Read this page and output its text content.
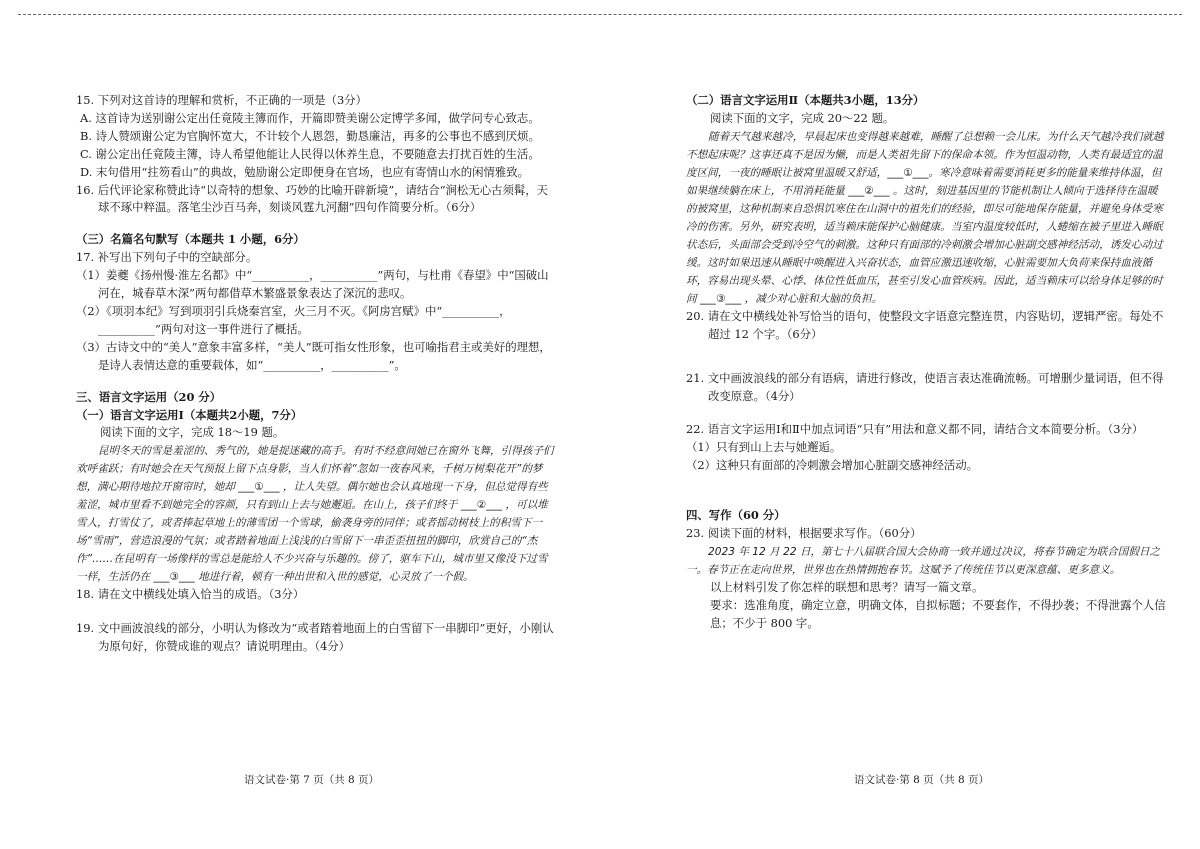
15. 下列对这首诗的理解和赏析，不正确的一项是（3分）

A. 这首诗为送别谢公定出任竟陵主簿而作，开篇即赞美谢公定博学多闻，做学问专心致志。

B. 诗人赞颂谢公定为官胸怀宽大，不计较个人恩怨，勤恳廉洁，再多的公事也不感到厌烦。

C. 谢公定出任竟陵主簿，诗人希望他能让人民得以休养生息，不要随意去打扰百姓的生活。

D. 末句借用“拄笏看山”的典故，勉励谢公定即便身在官场，也应有寄情山水的闲情雅致。

16. 后代评论家称赞此诗“以奇特的想象、巧妙的比喻开辟新境”，请结合“涧松无心古须髯，天球不琢中粹温。落笔尘沙百马奔，刻谈风霆九河翻”四句作简要分析。（6分）

（三）名篇名句默写（本题共 1 小题，6分）

17. 补写出下列句子中的空缺部分。

（1）姜夔《扬州慢·淮左名都》中“__________，__________”两句，与杜甫《春望》中“国破山河在，城春草木深”两句都借草木繁盛景象表达了深沉的悲叹。

（2）《项羽本纪》写到项羽引兵烧秦宫室，火三月不灭。《阿房宫赋》中“__________，__________”两句对这一事件进行了概括。

（3）古诗文中的“美人”意象丰富多样，“美人”既可指女性形象，也可喻指君主或美好的理想，是诗人表情达意的重要载体，如“__________，__________”。

三、语言文字运用（20 分）

（一）语言文字运用Ⅰ（本题共2小题，7分）

阅读下面的文字，完成 18～19 题。

昆明冬天的雪是羞涩的、秀气的，她是捉迷藏的高手。有时不经意间她已在窗外飞舞，引得孩子们欢呼雀跃；有时她会在天气预报上留下点身影，当人们怀着“忽如一夜春风来，千树万树梨花开”的梦想，满心期待地拉开窗帘时，她却 ___①___ ，让人失望。偶尔她也会认真地现一下身，但总觉得有些羞涩，城市里看不到她完全的容颜，只有到山上去与她邂逅。在山上，孩子们终于 ___②___ ，可以堆雪人，打雪仗了，或者捧起草地上的薄雪团一个雪球，偷袭身旁的同伴；或者摇动树枝上的积雪下一场“雪雨”，营造浪漫的气氛；或者踏着地面上浅浅的白雪留下一串歪歪扭扭的脚印，欣赏自己的“杰作”……在昆明有一场像样的雪总是能给人不少兴奋与乐趣的。傍了，驱车下山，城市里又像没下过雪一样，生活仍在 ___③___ 地进行着，顿有一种出世和入世的感觉，心灵放了一个假。

18. 请在文中横线处填入恰当的成语。（3分）

19. 文中画波浪线的部分，小明认为修改为“或者踏着地面上的白雪留下一串脚印”更好，小刚认为原句好，你赞成谁的观点？请说明理由。（4分）

（二）语言文字运用Ⅱ（本题共3小题，13分）

阅读下面的文字，完成 20～22 题。

随着天气越来越冷，早晨起床也变得越来越难，睡醒了总想赖一会儿床。为什么天气越冷我们就越不想起床呢？这事还真不是因为懒，而是人类祖先留下的保命本领。作为恒温动物，人类有最适宜的温度区间，一夜的睡眠让被窝里温暖又舒适，___①___。寒冷意味着需要消耗更多的能量来维持体温，但如果继续躺在床上，不用消耗能量 ___②___ 。这时，刻进基因里的节能机制让人倾向于选择待在温暖的被窝里，这种机制来自恐惧饥寒住在山洞中的祖先们的经验，即尽可能地保存能量，并避免身体受寒冷的伤害。另外，研究表明，适当赖床能保护心脑健康。当室内温度较低时，人蜷缩在被子里进入睡眠状态后，头面部会受到冷空气的刺激。这种只有面部的冷刺激会增加心脏副交感神经活动，诱发心动过缓。这时如果迅速从睡眠中唤醒进入兴奋状态，血管应激迅速收缩，心脏需要加大负荷来保持血液循环，容易出现头晕、心悸、体位性低血压，甚至引发心血管疾病。因此，适当赖床可以给身体足够的时间 ___③___ ，减少对心脏和大脑的负担。

20. 请在文中横线处补写恰当的语句，使整段文字语意完整连贯，内容贴切，逻辑严密。每处不超过 12 个字。（6分）

21. 文中画波浪线的部分有语病，请进行修改，使语言表达准确流畅。可增删少量词语，但不得改变原意。（4分）

22. 语言文字运用Ⅰ和Ⅱ中加点词语“只有”用法和意义都不同，请结合文本简要分析。（3分）

（1）只有到山上去与她邂逅。

（2）这种只有面部的冷刺激会增加心脏副交感神经活动。

四、写作（60 分）

23. 阅读下面的材料，根据要求写作。（60分）

2023 年 12 月 22 日，第七十八届联合国大会协商一致并通过决议，将春节确定为联合国假日之一。春节正在走向世界，世界也在热情拥抱春节。这赋予了传统佳节以更深意蕴、更多意义。

以上材料引发了你怎样的联想和思考？请写一篇文章。

要求：选准角度，确定立意，明确文体，自拟标题；不要套作，不得抄袭；不得泄露个人信息；不少于 800 字。

语文试卷·第 7 页（共 8 页）	语文试卷·第 8 页（共 8 页）
